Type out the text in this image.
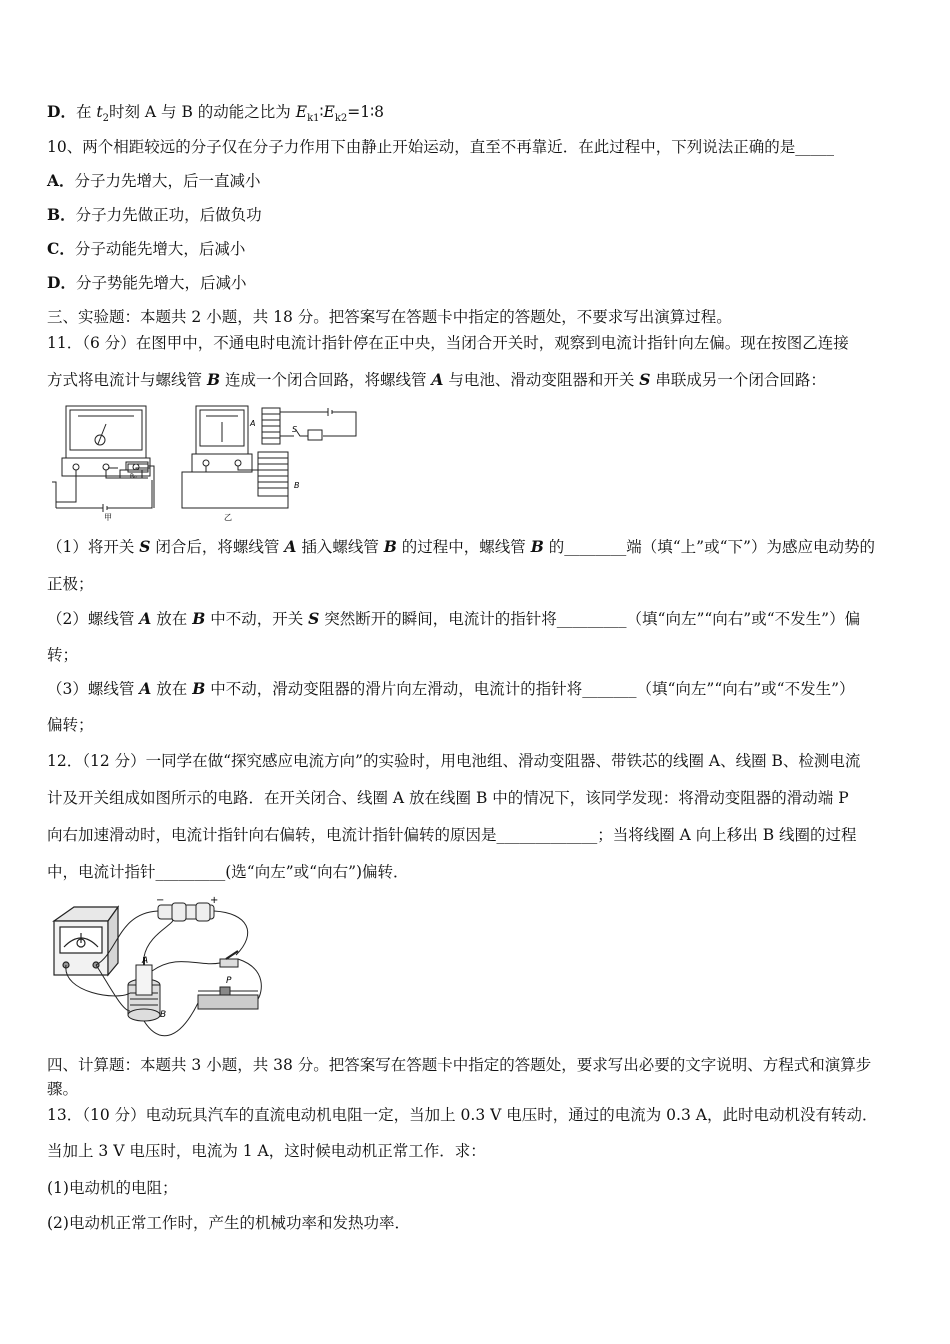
D．在 $t_2$时刻 A 与 B 的动能之比为 $E_{k1}∶E_{k2}=1∶8$
10、两个相距较远的分子仅在分子力作用下由静止开始运动，直至不再靠近．在此过程中，下列说法正确的是_____
A．分子力先增大，后一直减小
B．分子力先做正功，后做负功
C．分子动能先增大，后减小
D．分子势能先增大，后减小
三、实验题：本题共 2 小题，共 18 分。把答案写在答题卡中指定的答题处，不要求写出演算过程。
11．（6 分）在图甲中，不通电时电流计指针停在正中央，当闭合开关时，观察到电流计指针向左偏。现在按图乙连接
方式将电流计与螺线管 B 连成一个闭合回路，将螺线管 A 与电池、滑动变阻器和开关 S 串联成另一个闭合回路：
R₀
甲
A
S
B
乙
（1）将开关 S 闭合后，将螺线管 A 插入螺线管 B 的过程中，螺线管 B 的________端（填“上”或“下”）为感应电动势的
正极；
（2）螺线管 A 放在 B 中不动，开关 S 突然断开的瞬间，电流计的指针将_________（填“向左”“向右”或“不发生”）偏
转；
（3）螺线管 A 放在 B 中不动，滑动变阻器的滑片向左滑动，电流计的指针将_______（填“向左”“向右”或“不发生”）
偏转；
12．（12 分）一同学在做“探究感应电流方向”的实验时，用电池组、滑动变阻器、带铁芯的线圈 A、线圈 B、检测电流
计及开关组成如图所示的电路．在开关闭合、线圈 A 放在线圈 B 中的情况下，该同学发现：将滑动变阻器的滑动端 P
向右加速滑动时，电流计指针向右偏转，电流计指针偏转的原因是_____________；当将线圈 A 向上移出 B 线圈的过程
中，电流计指针_________(选“向左”或“向右”)偏转．
−	+
A
B
P
四、计算题：本题共 3 小题，共 38 分。把答案写在答题卡中指定的答题处，要求写出必要的文字说明、方程式和演算步
骤。
13．（10 分）电动玩具汽车的直流电动机电阻一定，当加上 0.3 V 电压时，通过的电流为 0.3 A，此时电动机没有转动．
当加上 3 V 电压时，电流为 1 A，这时候电动机正常工作．求：
(1)电动机的电阻；
(2)电动机正常工作时，产生的机械功率和发热功率．
